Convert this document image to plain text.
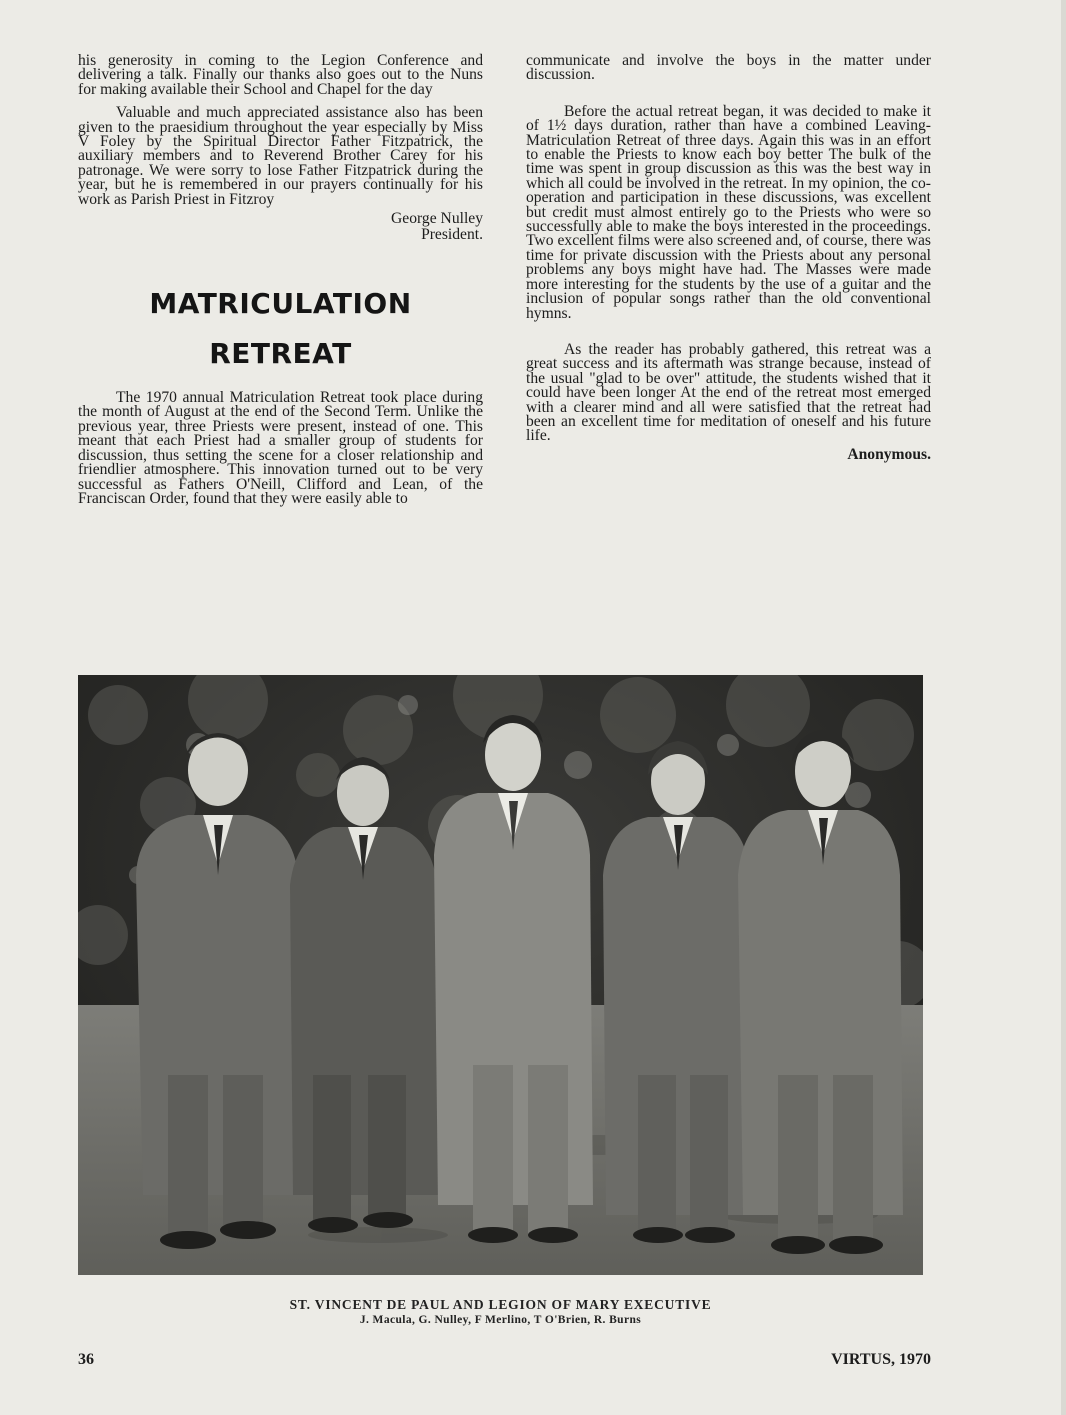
his generosity in coming to the Legion Conference and delivering a talk. Finally our thanks also goes out to the Nuns for making available their School and Chapel for the day

Valuable and much appreciated assistance also has been given to the praesidium throughout the year especially by Miss V Foley by the Spiritual Director Father Fitzpatrick, the auxiliary members and to Reverend Brother Carey for his patronage. We were sorry to lose Father Fitzpatrick during the year, but he is remembered in our prayers continually for his work as Parish Priest in Fitzroy

George Nulley
President.
MATRICULATION
RETREAT

The 1970 annual Matriculation Retreat took place during the month of August at the end of the Second Term. Unlike the previous year, three Priests were present, instead of one. This meant that each Priest had a smaller group of students for discussion, thus setting the scene for a closer relationship and friendlier atmosphere. This innovation turned out to be very successful as Fathers O'Neill, Clifford and Lean, of the Franciscan Order, found that they were easily able to

communicate and involve the boys in the matter under discussion.

Before the actual retreat began, it was decided to make it of 1½ days duration, rather than have a combined Leaving-Matriculation Retreat of three days. Again this was in an effort to enable the Priests to know each boy better The bulk of the time was spent in group discussion as this was the best way in which all could be involved in the retreat. In my opinion, the co-operation and participation in these discussions, was excellent but credit must almost entirely go to the Priests who were so successfully able to make the boys interested in the proceedings. Two excellent films were also screened and, of course, there was time for private discussion with the Priests about any personal problems any boys might have had. The Masses were made more interesting for the students by the use of a guitar and the inclusion of popular songs rather than the old conventional hymns.

As the reader has probably gathered, this retreat was a great success and its aftermath was strange because, instead of the usual "glad to be over" attitude, the students wished that it could have been longer At the end of the retreat most emerged with a clearer mind and all were satisfied that the retreat had been an excellent time for meditation of oneself and his future life.

Anonymous.
ST. VINCENT DE PAUL AND LEGION OF MARY EXECUTIVE
J. Macula, G. Nulley, F Merlino, T O'Brien, R. Burns
36	VIRTUS, 1970
